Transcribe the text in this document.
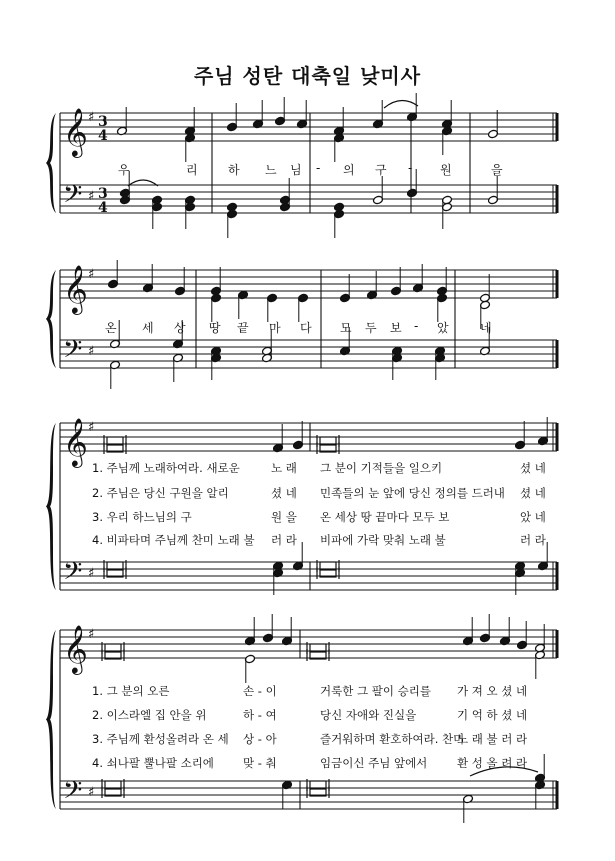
주님 성탄 대축일 낮미사
𝄞
𝄢
♯
♯
3
4
3
4
𝄞
𝄢
♯
♯
𝄞
𝄢
♯
♯
𝄞
𝄢
♯
♯
우	리	하 느 님 - 의 구 - 원	을
온 세 상 땅 끝 마 다 모 두 보 - 았	네
1. 주님께 노래하여라. 새로운	노 래 그 분이 기적들을 일으키	셨 네
2. 주님은 당신 구원을 알리	셨 네 민족들의 눈 앞에 당신 정의를 드러내 셨 네
3. 우리 하느님의 구	원 을 온 세상 땅 끝마다 모두 보	았 네
4. 비파타며 주님께 찬미 노래 불 러 라 비파에 가락 맞춰 노래 불	러 라
1. 그 분의 오른	손 - 이	거룩한 그 팔이 승리를 가 져 오 셨 네
2. 이스라엘 집 안을 위	하 - 여	당신 자애와 진실을	기 억 하 셨 네
3. 주님께 환성올려라 온 세 상 - 아	즐거워하며 환호하여라. 찬미
노 래 불 러 라
4. 쇠나팔 뿔나팔 소리에	맞 - 춰	임금이신 주님 앞에서	환 성 올 려 라
